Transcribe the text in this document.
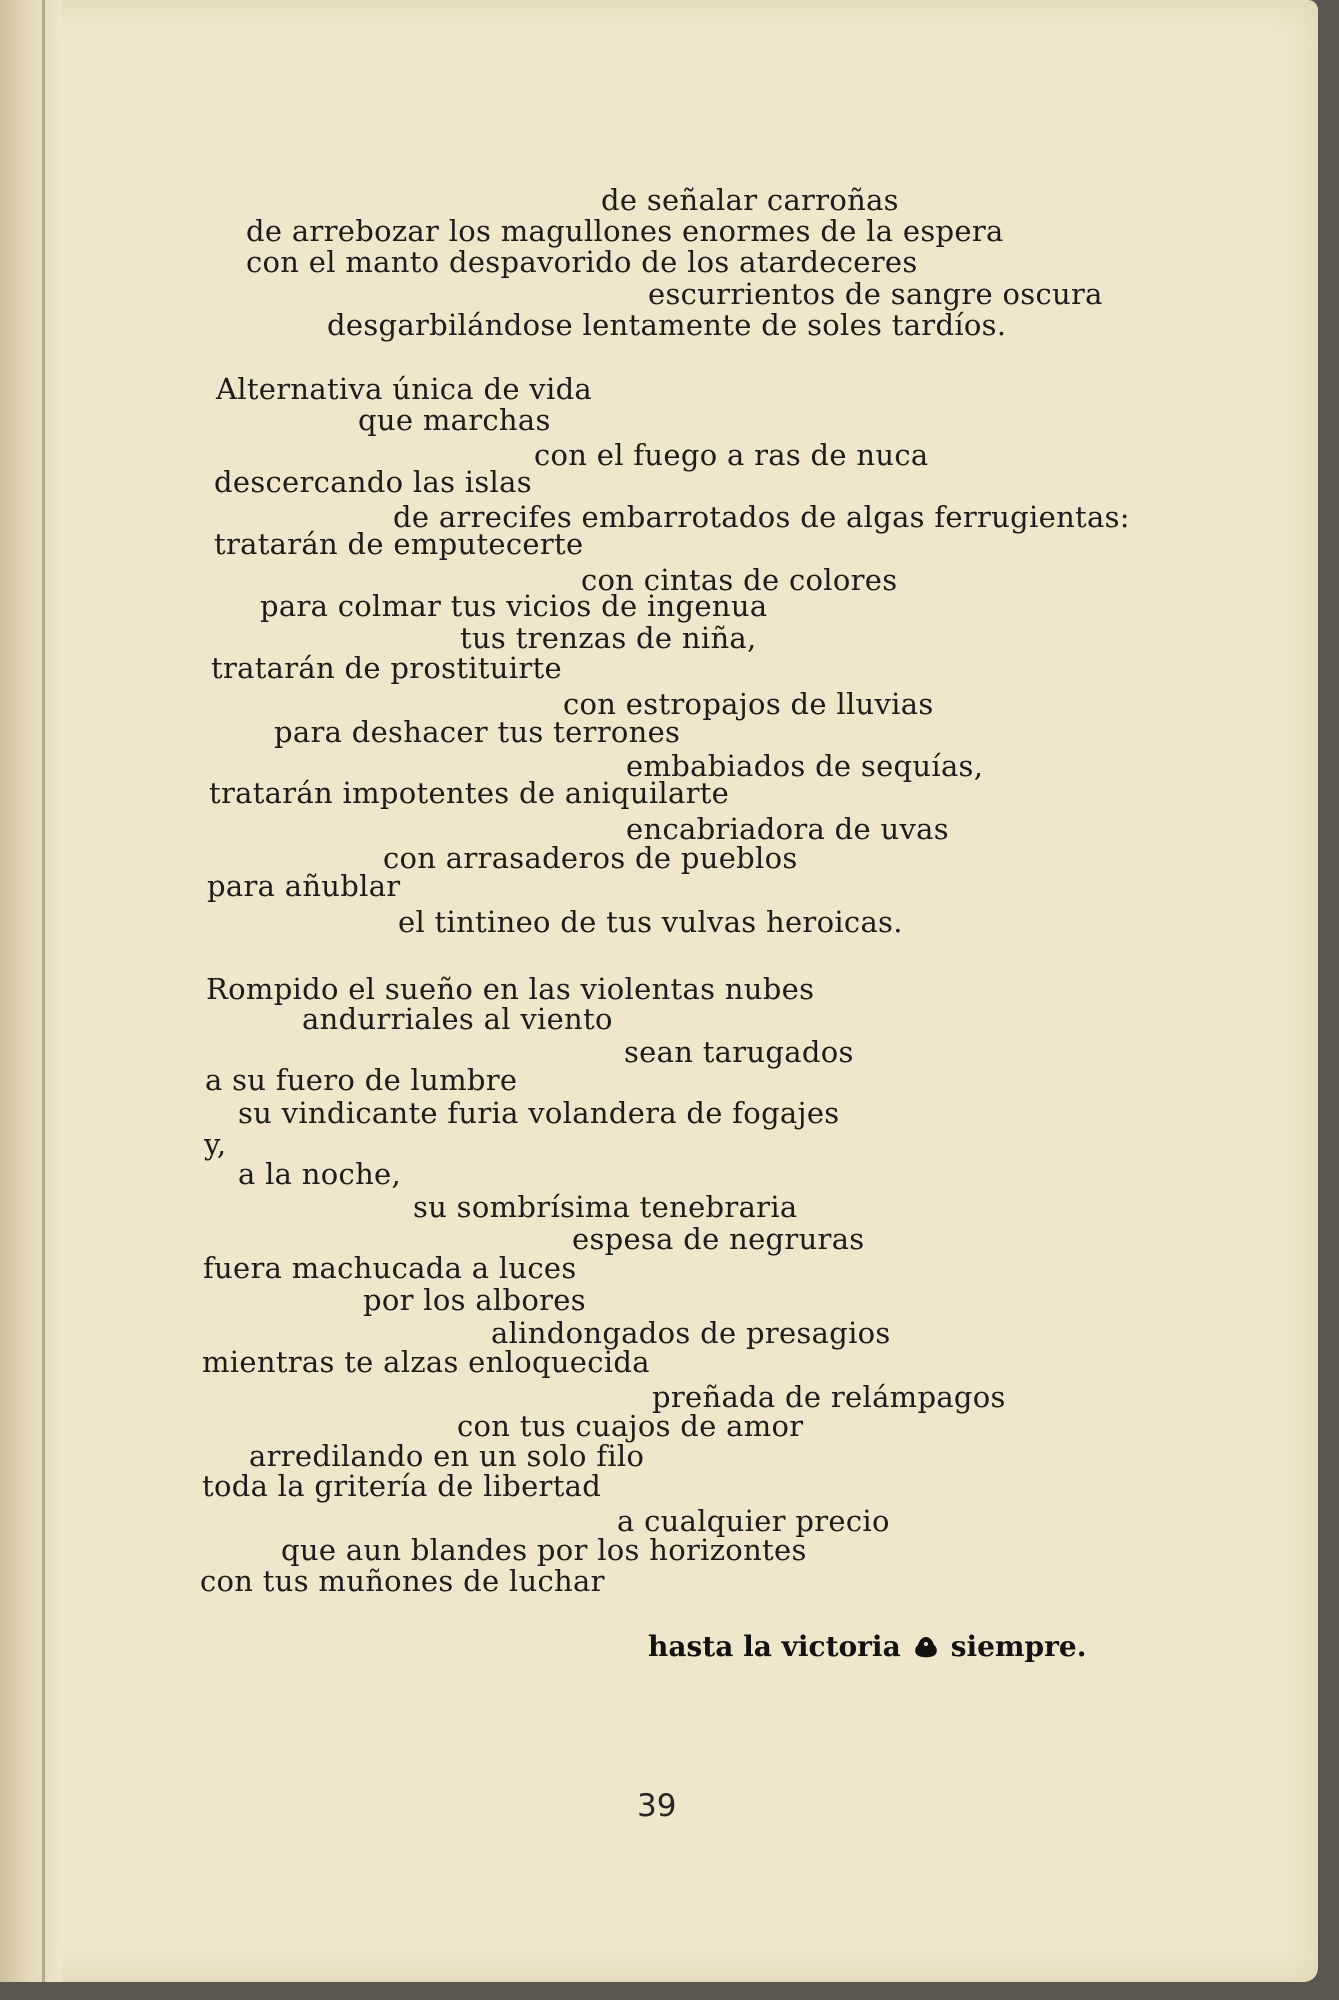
de señalar carroñas
de arrebozar los magullones enormes de la espera
con el manto despavorido de los atardeceres
escurrientos de sangre oscura
desgarbilándose lentamente de soles tardíos.
Alternativa única de vida
que marchas
con el fuego a ras de nuca
descercando las islas
de arrecifes embarrotados de algas ferrugientas:
tratarán de emputecerte
con cintas de colores
para colmar tus vicios de ingenua
tus trenzas de niña,
tratarán de prostituirte
con estropajos de lluvias
para deshacer tus terrones
embabiados de sequías,
tratarán impotentes de aniquilarte
encabriadora de uvas
con arrasaderos de pueblos
para añublar
el tintineo de tus vulvas heroicas.
Rompido el sueño en las violentas nubes
andurriales al viento
sean tarugados
a su fuero de lumbre
su vindicante furia volandera de fogajes
y,
a la noche,
su sombrísima tenebraria
espesa de negruras
fuera machucada a luces
por los albores
alindongados de presagios
mientras te alzas enloquecida
preñada de relámpagos
con tus cuajos de amor
arredilando en un solo filo
toda la gritería de libertad
a cualquier precio
que aun blandes por los horizontes
con tus muñones de luchar
hasta la victoria siempre.
39
